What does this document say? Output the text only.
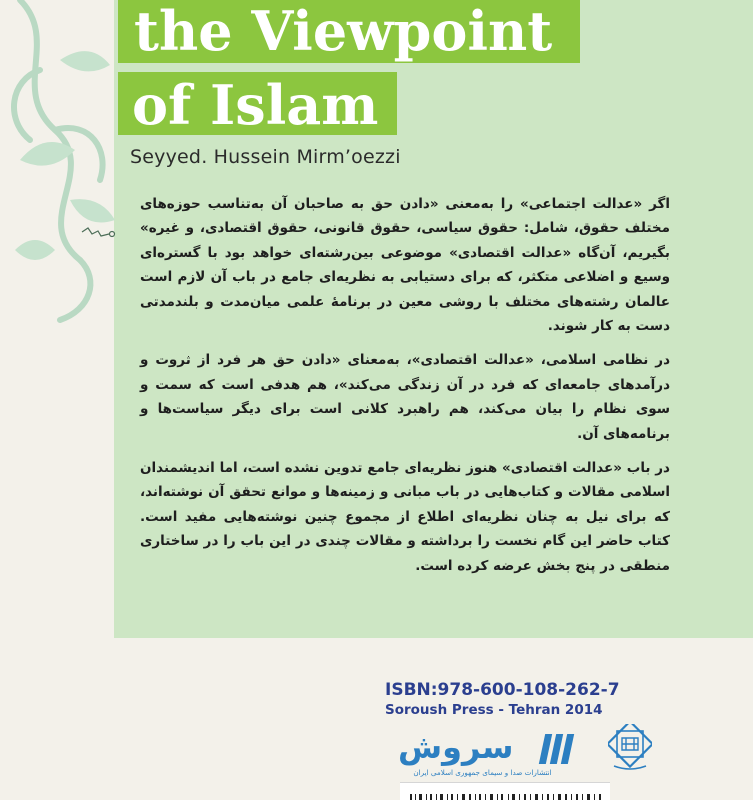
the Viewpoint
of Islam
Seyyed. Hussein Mirm’oezzi

اگر «عدالت اجتماعی» را به‌معنی «دادن حق به صاحبان آن به‌تناسب حوزه‌های مختلف حقوق، شامل: حقوق سیاسی، حقوق قانونی، حقوق اقتصادی، و غیره» بگیریم، آن‌گاه «عدالت اقتصادی» موضوعی بین‌رشته‌ای خواهد بود با گستره‌ای وسیع و اضلاعی متکثر، که برای دستیابی به نظریه‌ای جامع در باب آن لازم است عالمان رشته‌های مختلف با روشی معین در برنامهٔ علمی میان‌مدت و بلندمدتی دست به کار شوند.

در نظامی اسلامی، «عدالت اقتصادی»، به‌معنای «دادن حق هر فرد از ثروت و درآمدهای جامعه‌ای که فرد در آن زندگی می‌کند»، هم هدفی است که سمت و سوی نظام را بیان می‌کند، هم راهبرد کلانی است برای دیگر سیاست‌ها و برنامه‌های آن.

در باب «عدالت اقتصادی» هنوز نظریه‌ای جامع تدوین نشده است، اما اندیشمندان اسلامی مقالات و کتاب‌هایی در باب مبانی و زمینه‌ها و موانع تحقق آن نوشته‌اند، که برای نیل به چنان نظریه‌ای اطلاع از مجموع چنین نوشته‌هایی مفید است. کتاب حاضر این گام نخست را برداشته و مقالات چندی در این باب را در ساختاری منطقی در پنج بخش عرضه کرده است.

ISBN:978-600-108-262-7
Soroush Press - Tehran 2014
سروش
انتشارات صدا و سیمای جمهوری اسلامی ایران
